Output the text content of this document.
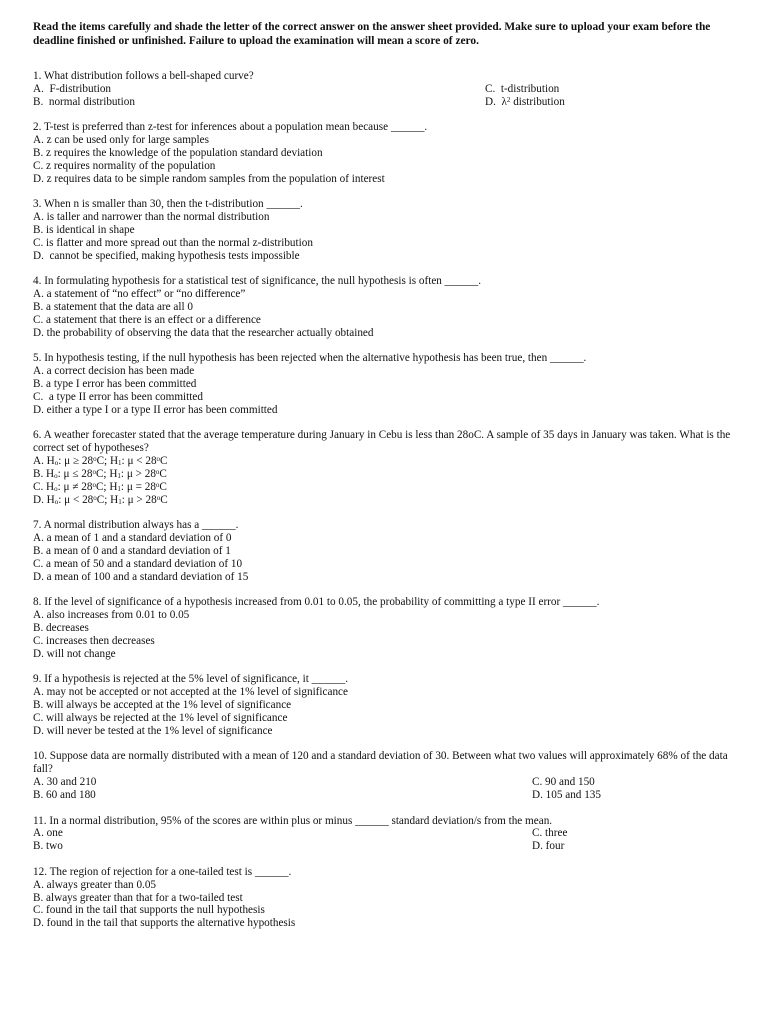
Read the items carefully and shade the letter of the correct answer on the answer sheet provided. Make sure to upload your exam before the deadline finished or unfinished. Failure to upload the examination will mean a score of zero.
1. What distribution follows a bell-shaped curve?
A.  F-distribution	C.  t-distribution
B.  normal distribution	D.  $\lambda^2$ distribution
2. T-test is preferred than z-test for inferences about a population mean because ______.
A. z can be used only for large samples
B. z requires the knowledge of the population standard deviation
C. z requires normality of the population
D. z requires data to be simple random samples from the population of interest
3. When n is smaller than 30, then the t-distribution ______.
A. is taller and narrower than the normal distribution
B. is identical in shape
C. is flatter and more spread out than the normal z-distribution
D.  cannot be specified, making hypothesis tests impossible
4. In formulating hypothesis for a statistical test of significance, the null hypothesis is often ______.
A. a statement of “no effect” or “no difference”
B. a statement that the data are all 0
C. a statement that there is an effect or a difference
D. the probability of observing the data that the researcher actually obtained
5. In hypothesis testing, if the null hypothesis has been rejected when the alternative hypothesis has been true, then ______.
A. a correct decision has been made
B. a type I error has been committed
C.  a type II error has been committed
D. either a type I or a type II error has been committed
6. A weather forecaster stated that the average temperature during January in Cebu is less than 28oC. A sample of 35 days in January was taken. What is the correct set of hypotheses?
A. $H_o$: $\mu \ge 28^oC$; $H_1$: $\mu < 28^oC$
B. $H_o$: $\mu \le 28^oC$; $H_1$: $\mu > 28^oC$
C. $H_o$: $\mu \ne 28^oC$; $H_1$: $\mu = 28^oC$
D. $H_o$: $\mu < 28^oC$; $H_1$: $\mu > 28^oC$
7. A normal distribution always has a ______.
A. a mean of 1 and a standard deviation of 0
B. a mean of 0 and a standard deviation of 1
C. a mean of 50 and a standard deviation of 10
D. a mean of 100 and a standard deviation of 15
8. If the level of significance of a hypothesis increased from 0.01 to 0.05, the probability of committing a type II error ______.
A. also increases from 0.01 to 0.05
B. decreases
C. increases then decreases
D. will not change
9. If a hypothesis is rejected at the 5% level of significance, it ______.
A. may not be accepted or not accepted at the 1% level of significance
B. will always be accepted at the 1% level of significance
C. will always be rejected at the 1% level of significance
D. will never be tested at the 1% level of significance
10. Suppose data are normally distributed with a mean of 120 and a standard deviation of 30. Between what two values will approximately 68% of the data fall?
A. 30 and 210	C. 90 and 150
B. 60 and 180	D. 105 and 135
11. In a normal distribution, 95% of the scores are within plus or minus ______ standard deviation/s from the mean.
A. one	C. three
B. two	D. four
12. The region of rejection for a one-tailed test is ______.
A. always greater than 0.05
B. always greater than that for a two-tailed test
C. found in the tail that supports the null hypothesis
D. found in the tail that supports the alternative hypothesis
